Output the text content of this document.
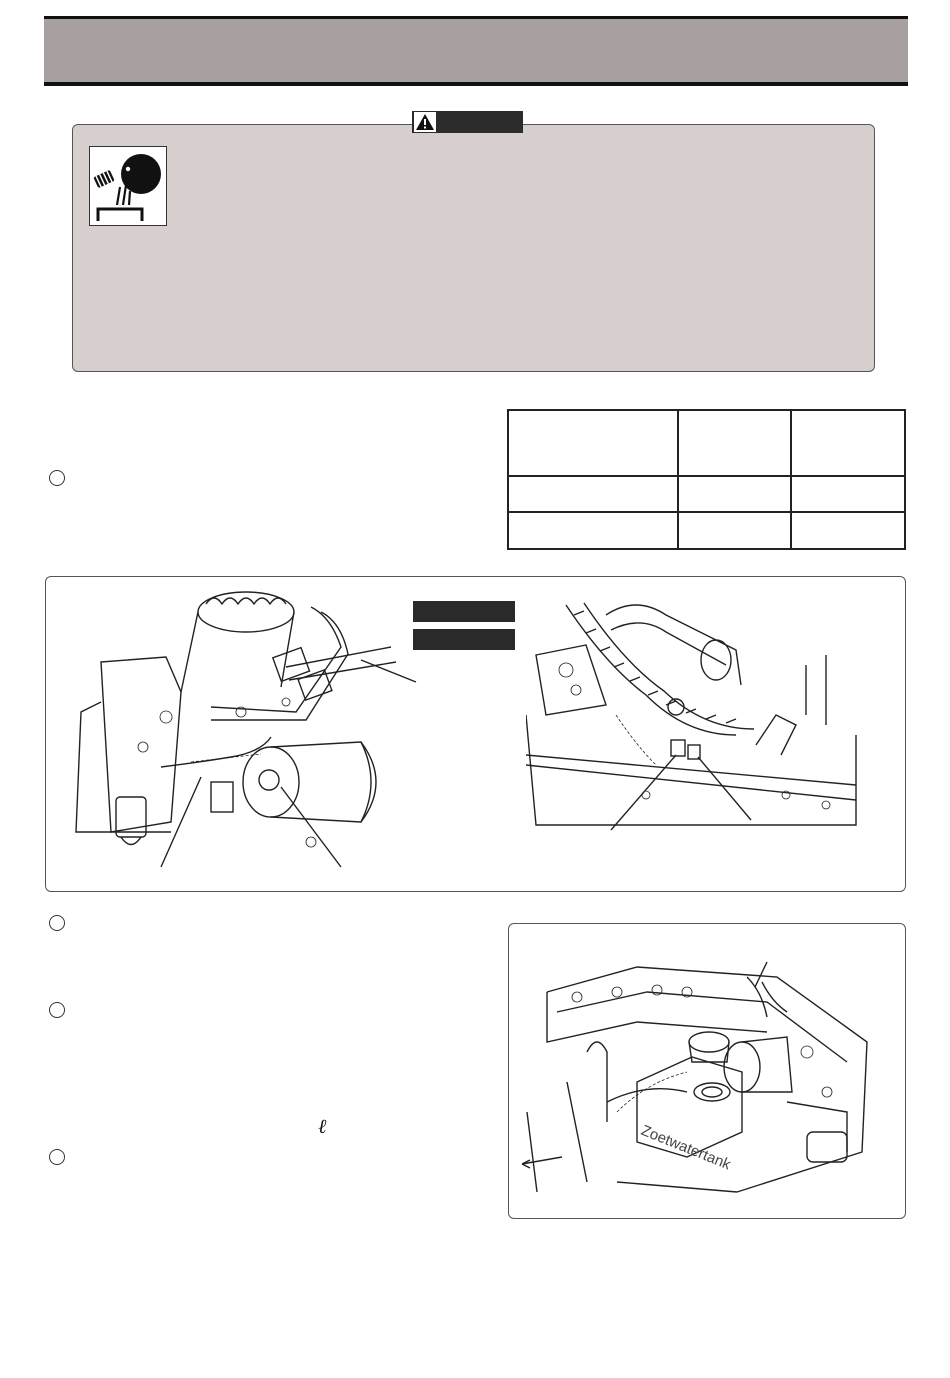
ℓ	Zoetwatertank
